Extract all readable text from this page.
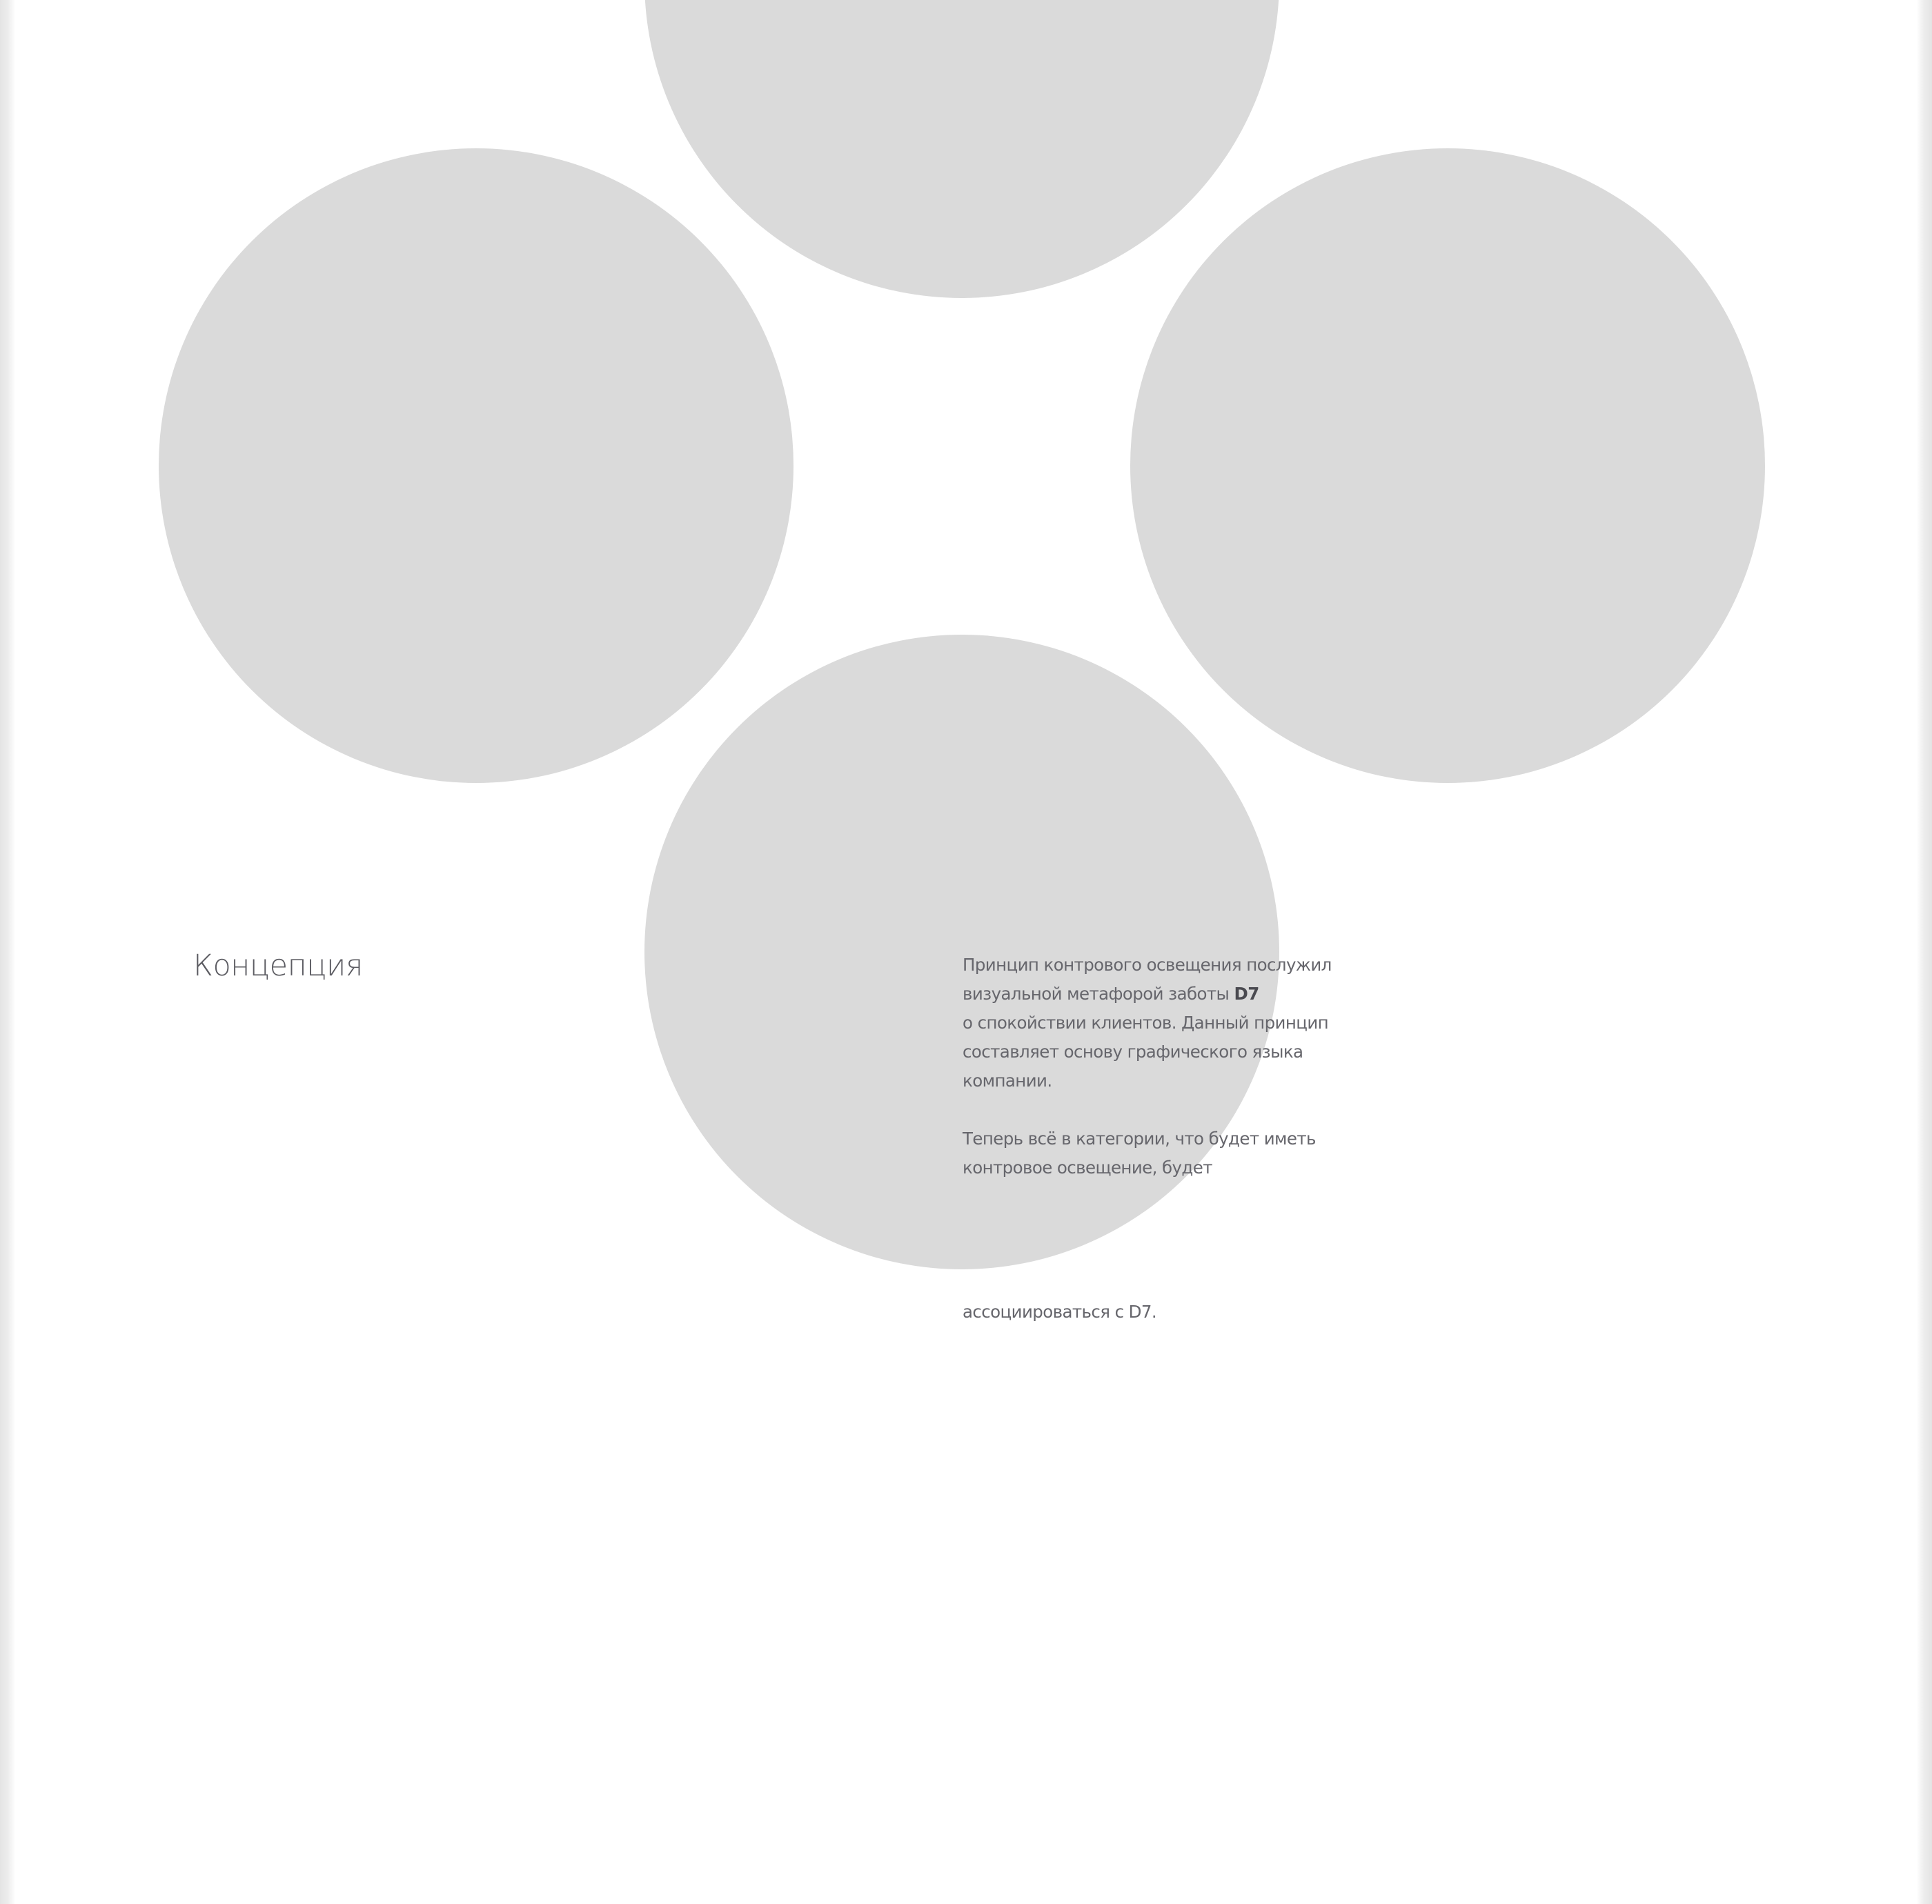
Концепция	Принцип контрового освещения послужил
визуальной метафорой заботы D7
о спокойствии клиентов. Данный принцип
составляет основу графического языка
компании.

Теперь всё в категории, что будет иметь
контровое освещение, будет

ассоциироваться с D7.
